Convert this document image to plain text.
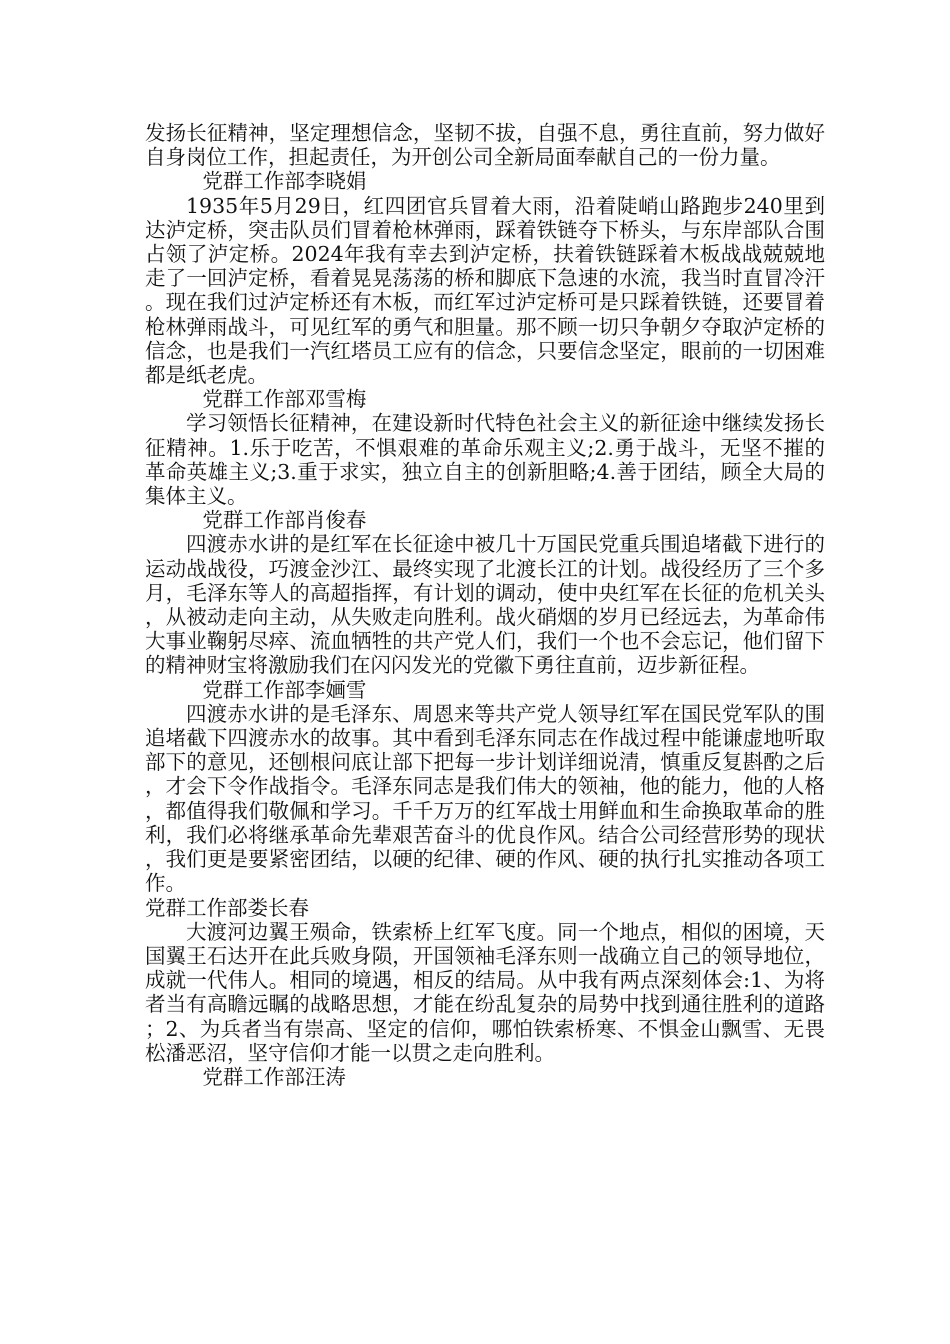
发扬长征精神，坚定理想信念，坚韧不拔，自强不息，勇往直前，努力做好自身岗位工作，担起责任，为开创公司全新局面奉献自己的一份力量。

党群工作部李晓娟

1935年5月29日，红四团官兵冒着大雨，沿着陡峭山路跑步240里到达泸定桥，突击队员们冒着枪林弹雨，踩着铁链夺下桥头，与东岸部队合围占领了泸定桥。2024年我有幸去到泸定桥，扶着铁链踩着木板战战兢兢地走了一回泸定桥，看着晃晃荡荡的桥和脚底下急速的水流，我当时直冒冷汗。现在我们过泸定桥还有木板，而红军过泸定桥可是只踩着铁链，还要冒着枪林弹雨战斗，可见红军的勇气和胆量。那不顾一切只争朝夕夺取泸定桥的信念，也是我们一汽红塔员工应有的信念，只要信念坚定，眼前的一切困难都是纸老虎。

党群工作部邓雪梅

学习领悟长征精神，在建设新时代特色社会主义的新征途中继续发扬长征精神。1.乐于吃苦，不惧艰难的革命乐观主义;2.勇于战斗，无坚不摧的革命英雄主义;3.重于求实，独立自主的创新胆略;4.善于团结，顾全大局的集体主义。

党群工作部肖俊春

四渡赤水讲的是红军在长征途中被几十万国民党重兵围追堵截下进行的运动战战役，巧渡金沙江、最终实现了北渡长江的计划。战役经历了三个多月，毛泽东等人的高超指挥，有计划的调动，使中央红军在长征的危机关头，从被动走向主动，从失败走向胜利。战火硝烟的岁月已经远去，为革命伟大事业鞠躬尽瘁、流血牺牲的共产党人们，我们一个也不会忘记，他们留下的精神财宝将激励我们在闪闪发光的党徽下勇往直前，迈步新征程。

党群工作部李婳雪

四渡赤水讲的是毛泽东、周恩来等共产党人领导红军在国民党军队的围追堵截下四渡赤水的故事。其中看到毛泽东同志在作战过程中能谦虚地听取部下的意见，还刨根问底让部下把每一步计划详细说清，慎重反复斟酌之后，才会下令作战指令。毛泽东同志是我们伟大的领袖，他的能力，他的人格，都值得我们敬佩和学习。千千万万的红军战士用鲜血和生命换取革命的胜利，我们必将继承革命先辈艰苦奋斗的优良作风。结合公司经营形势的现状，我们更是要紧密团结，以硬的纪律、硬的作风、硬的执行扎实推动各项工作。

党群工作部娄长春

大渡河边翼王殒命，铁索桥上红军飞度。同一个地点，相似的困境，天国翼王石达开在此兵败身陨，开国领袖毛泽东则一战确立自己的领导地位，成就一代伟人。相同的境遇，相反的结局。从中我有两点深刻体会:1、为将者当有高瞻远瞩的战略思想，才能在纷乱复杂的局势中找到通往胜利的道路；2、为兵者当有崇高、坚定的信仰，哪怕铁索桥寒、不惧金山飘雪、无畏松潘恶沼，坚守信仰才能一以贯之走向胜利。

党群工作部汪涛
